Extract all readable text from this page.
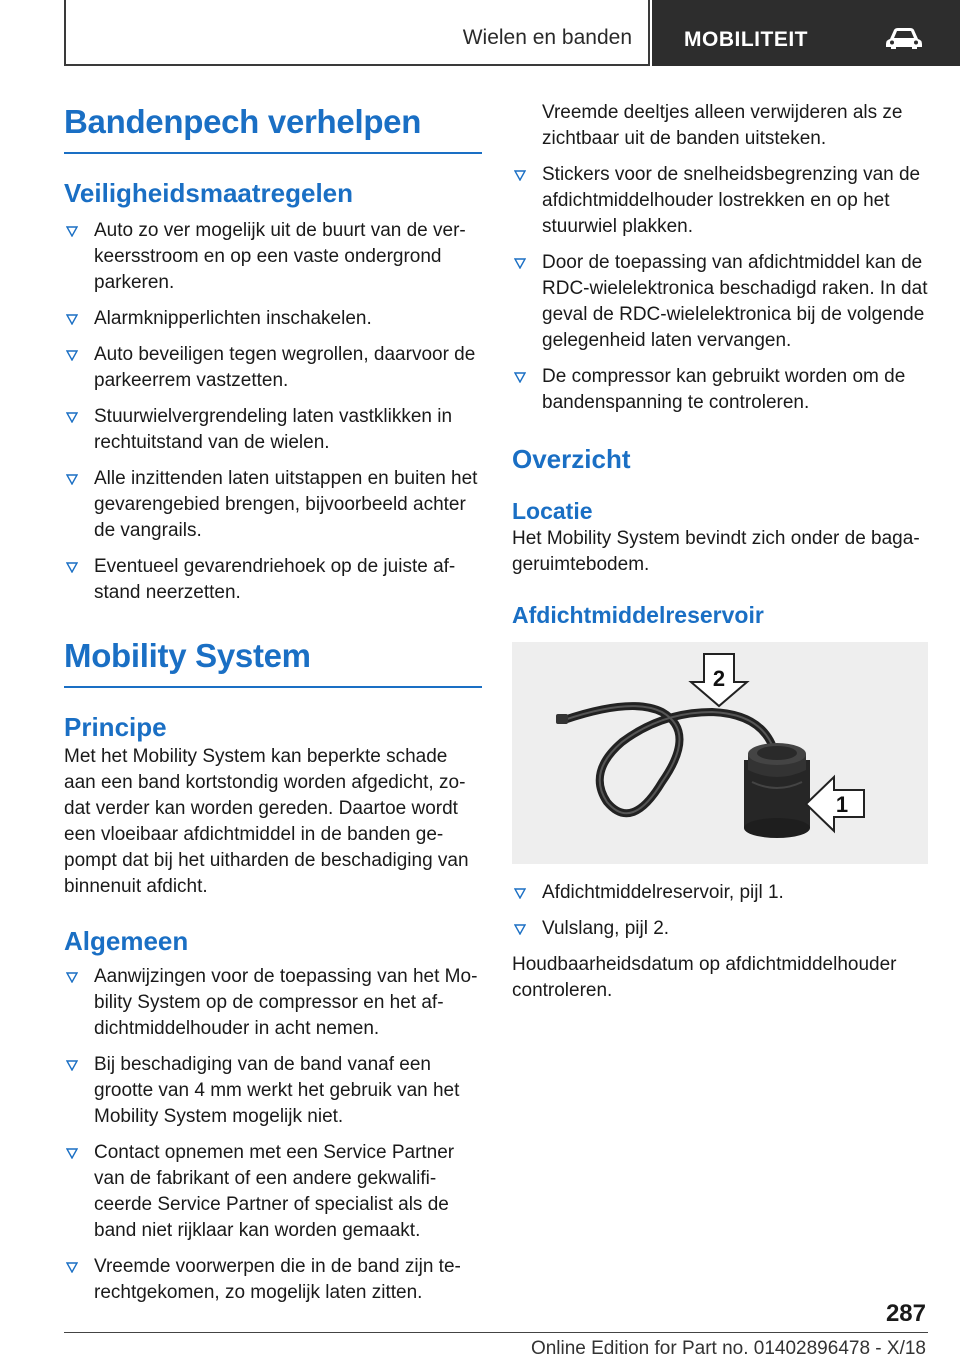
Wielen en banden MOBILITEIT
Bandenpech verhelpen
Veiligheidsmaatregelen
Auto zo ver mogelijk uit de buurt van de verkeersstroom en op een vaste ondergrond parkeren.
Alarmknipperlichten inschakelen.
Auto beveiligen tegen wegrollen, daarvoor de parkeerrem vastzetten.
Stuurwielvergrendeling laten vastklikken in rechtuitstand van de wielen.
Alle inzittenden laten uitstappen en buiten het gevarengebied brengen, bijvoorbeeld achter de vangrails.
Eventueel gevarendriehoek op de juiste afstand neerzetten.
Mobility System
Principe

Met het Mobility System kan beperkte schade aan een band kortstondig worden afgedicht, zodat verder kan worden gereden. Daartoe wordt een vloeibaar afdichtmiddel in de banden gepompt dat bij het uitharden de beschadiging van binnenuit afdicht.

Algemeen
Aanwijzingen voor de toepassing van het Mobility System op de compressor en het afdichtmiddelhouder in acht nemen.
Bij beschadiging van de band vanaf een grootte van 4 mm werkt het gebruik van het Mobility System mogelijk niet.
Contact opnemen met een Service Partner van de fabrikant of een andere gekwalificeerde Service Partner of specialist als de band niet rijklaar kan worden gemaakt.
Vreemde voorwerpen die in de band zijn terechtgekomen, zo mogelijk laten zitten.

Vreemde deeltjes alleen verwijderen als ze zichtbaar uit de banden uitsteken.

Stickers voor de snelheidsbegrenzing van de afdichtmiddelhouder lostrekken en op het stuurwiel plakken.
Door de toepassing van afdichtmiddel kan de RDC-wielelektronica beschadigd raken. In dat geval de RDC-wielelektronica bij de volgende gelegenheid laten vervangen.
De compressor kan gebruikt worden om de bandenspanning te controleren.
Overzicht
Locatie

Het Mobility System bevindt zich onder de bagageruimtebodem.

Afdichtmiddelreservoir
2
1
Afdichtmiddelreservoir, pijl 1.
Vulslang, pijl 2.

Houdbaarheidsdatum op afdichtmiddelhouder controleren.

287
Online Edition for Part no. 01402896478 - X/18
